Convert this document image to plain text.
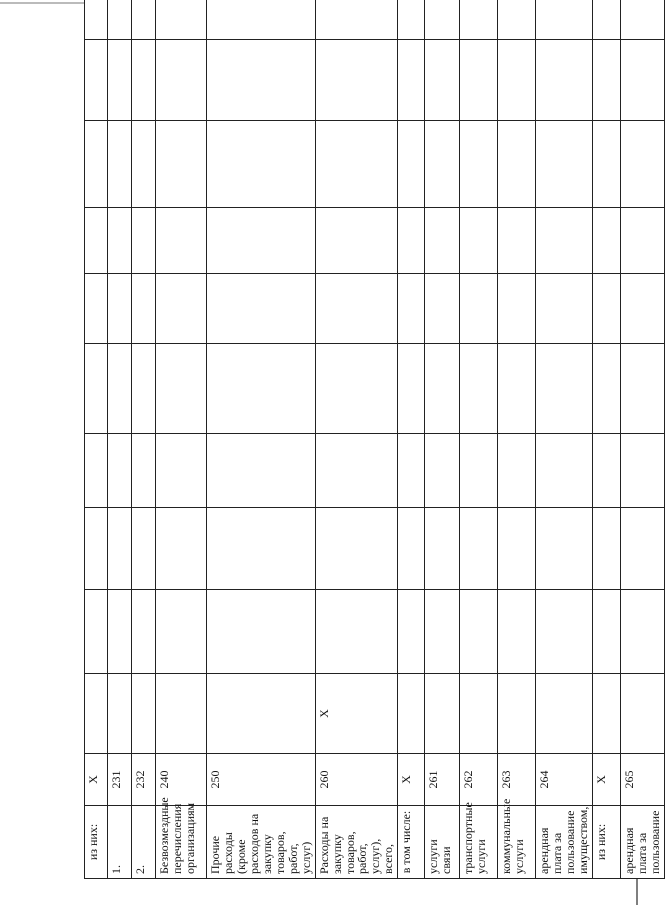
из них:	X										
1.	231										
2.	232										
Безвозмездные перечисления организациям	240										
Прочие расходы (кроме расходов на закупку товаров, работ, услуг)	250										
Расходы на закупку товаров, работ, услуг), всего,	260	X									
в том числе:	X										
услуги связи	261										
транспортные услуги	262										
коммунальные услуги	263										
арендная плата за пользование имуществом,	264										
из них:	X										
арендная плата за пользование	265										
